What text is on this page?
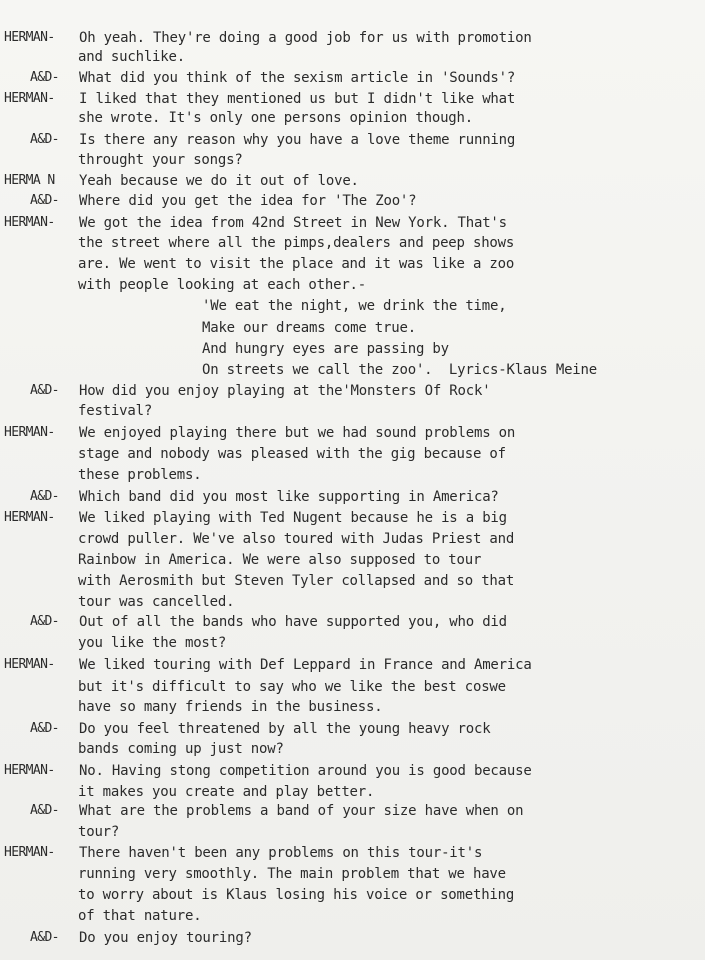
HERMAN- Oh yeah. They're doing a good job for us with promotion
and suchlike.
A&D- What did you think of the sexism article in 'Sounds'?
HERMAN- I liked that they mentioned us but I didn't like what
she wrote. It's only one persons opinion though.
A&D- Is there any reason why you have a love theme running
throught your songs?
HERMA N Yeah because we do it out of love.
A&D- Where did you get the idea for 'The Zoo'?
HERMAN- We got the idea from 42nd Street in New York. That's
the street where all the pimps,dealers and peep shows
are. We went to visit the place and it was like a zoo
with people looking at each other.-
'We eat the night, we drink the time,
Make our dreams come true.
And hungry eyes are passing by
On streets we call the zoo'.  Lyrics-Klaus Meine
A&D- How did you enjoy playing at the'Monsters Of Rock'
festival?
HERMAN- We enjoyed playing there but we had sound problems on
stage and nobody was pleased with the gig because of
these problems.
A&D- Which band did you most like supporting in America?
HERMAN- We liked playing with Ted Nugent because he is a big
crowd puller. We've also toured with Judas Priest and
Rainbow in America. We were also supposed to tour
with Aerosmith but Steven Tyler collapsed and so that
tour was cancelled.
A&D- Out of all the bands who have supported you, who did
you like the most?
HERMAN- We liked touring with Def Leppard in France and America
but it's difficult to say who we like the best coswe
have so many friends in the business.
A&D- Do you feel threatened by all the young heavy rock
bands coming up just now?
HERMAN- No. Having stong competition around you is good because
it makes you create and play better.
A&D- What are the problems a band of your size have when on
tour?
HERMAN- There haven't been any problems on this tour-it's
running very smoothly. The main problem that we have
to worry about is Klaus losing his voice or something
of that nature.
A&D- Do you enjoy touring?
